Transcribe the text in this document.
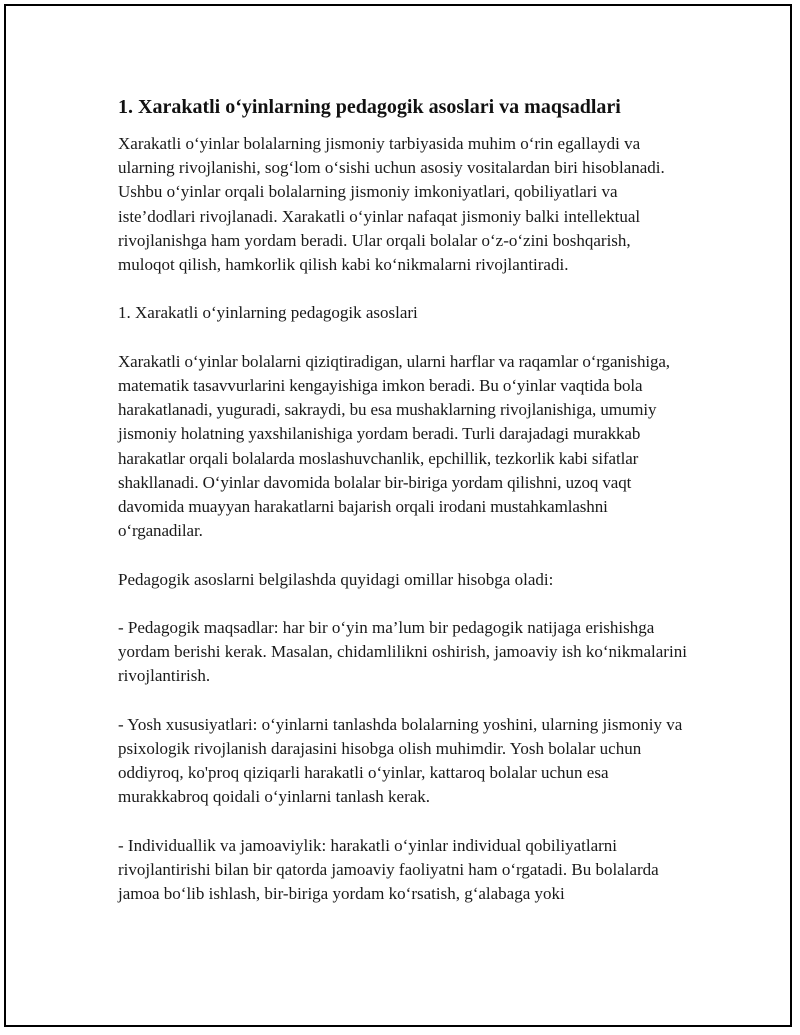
1. Xarakatli o‘yinlarning pedagogik asoslari va maqsadlari

Xarakatli o‘yinlar bolalarning jismoniy tarbiyasida muhim o‘rin egallaydi va ularning rivojlanishi, sog‘lom o‘sishi uchun asosiy vositalardan biri hisoblanadi. Ushbu o‘yinlar orqali bolalarning jismoniy imkoniyatlari, qobiliyatlari va iste’dodlari rivojlanadi. Xarakatli o‘yinlar nafaqat jismoniy balki intellektual rivojlanishga ham yordam beradi. Ular orqali bolalar o‘z-o‘zini boshqarish, muloqot qilish, hamkorlik qilish kabi ko‘nikmalarni rivojlantiradi.

1. Xarakatli o‘yinlarning pedagogik asoslari

Xarakatli o‘yinlar bolalarni qiziqtiradigan, ularni harflar va raqamlar o‘rganishiga, matematik tasavvurlarini kengayishiga imkon beradi. Bu o‘yinlar vaqtida bola harakatlanadi, yuguradi, sakraydi, bu esa mushaklarning rivojlanishiga, umumiy jismoniy holatning yaxshilanishiga yordam beradi. Turli darajadagi murakkab harakatlar orqali bolalarda moslashuvchanlik, epchillik, tezkorlik kabi sifatlar shakllanadi. O‘yinlar davomida bolalar bir-biriga yordam qilishni, uzoq vaqt davomida muayyan harakatlarni bajarish orqali irodani mustahkamlashni o‘rganadilar.

Pedagogik asoslarni belgilashda quyidagi omillar hisobga oladi:

- Pedagogik maqsadlar: har bir o‘yin ma’lum bir pedagogik natijaga erishishga yordam berishi kerak. Masalan, chidamlilikni oshirish, jamoaviy ish ko‘nikmalarini rivojlantirish.

- Yosh xususiyatlari: o‘yinlarni tanlashda bolalarning yoshini, ularning jismoniy va psixologik rivojlanish darajasini hisobga olish muhimdir. Yosh bolalar uchun oddiyroq, ko'proq qiziqarli harakatli o‘yinlar, kattaroq bolalar uchun esa murakkabroq qoidali o‘yinlarni tanlash kerak.

- Individuallik va jamoaviylik: harakatli o‘yinlar individual qobiliyatlarni rivojlantirishi bilan bir qatorda jamoaviy faoliyatni ham o‘rgatadi. Bu bolalarda jamoa bo‘lib ishlash, bir-biriga yordam ko‘rsatish, g‘alabaga yoki
